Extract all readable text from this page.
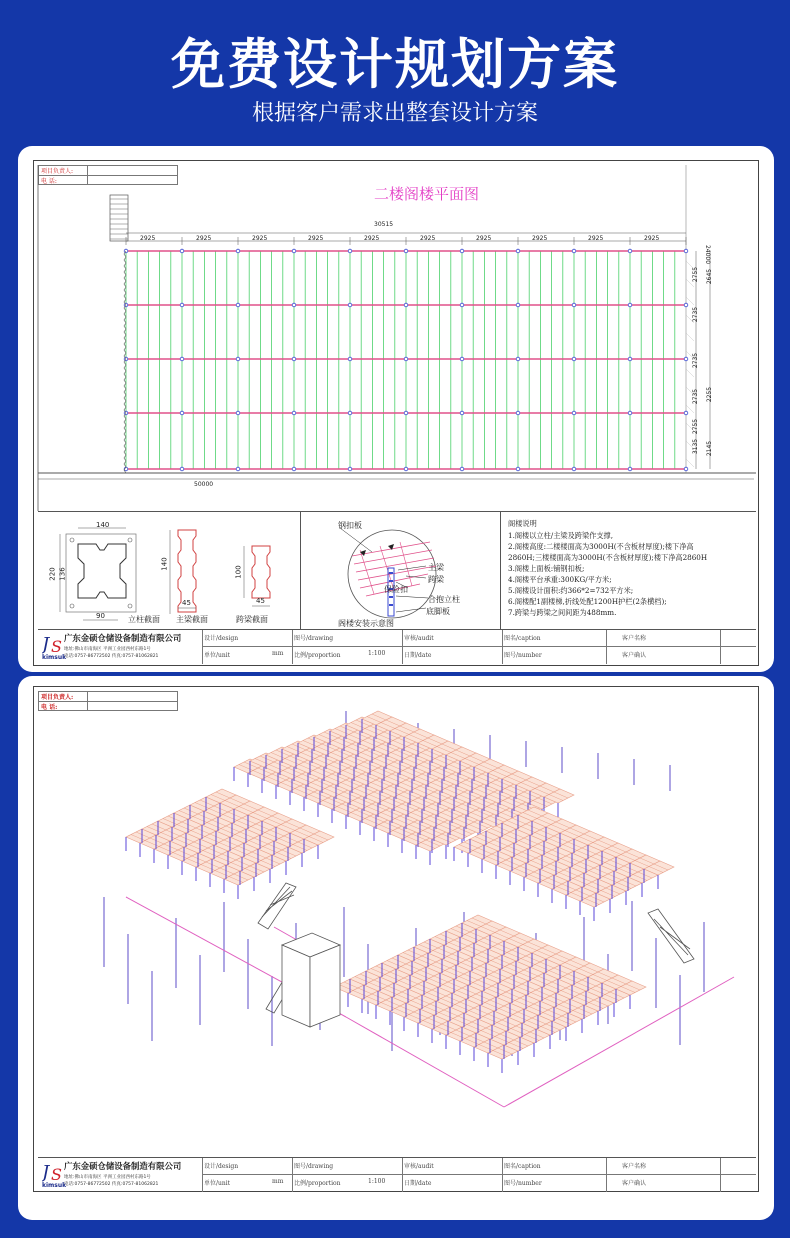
免费设计规划方案
根据客户需求出整套设计方案
项目负责人:
电 话:
二楼阁楼平面图
30515
2925	2925	2925	2925	2925	2925	2925	2925	2925	2925
50000
24000
2755
2735
2735
2735
2755
3135
2645
2255
2145
140
220 136
90	立柱截面
140
45
主梁截面
100
45
跨梁截面
钢扣板
主梁
跨梁
保险扣
合抱立柱
底脚板
阁楼安装示意图
阁楼说明
1.阁楼以立柱/主梁及跨梁作支撑,
2.阁楼高度:二楼楼面高为3000H(不含板材厚度);楼下净高
2860H;三楼楼面高为3000H(不含板材厚度);楼下净高2860H
3.阁楼上面板:铺钢扣板;
4.阁楼平台承重:300KG/平方米;
5.阁楼设计面积:约366*2=732平方米;
6.阁楼配1副楼梯,折线处配1200H护栏(2条横档);
7.跨梁与跨梁之间间距为488mm.
J S
kimsuk
广东金硕仓储设备制造有限公司
地址:佛山市南海区 平洲工业园西村东路1号
电话:0757-86772502 传真:0757-81062821
设计/design	图号/drawing	审核/audit	图名/caption	客户名称
单位/unit	mm 比例/proportion	1:100	日期/date	图号/number	客户确认
项目负责人:
电 话:
J S
kimsuk
广东金硕仓储设备制造有限公司
地址:佛山市南海区 平洲工业园西村东路1号
电话:0757-86772502 传真:0757-81062821
设计/design	图号/drawing	审核/audit	图名/caption	客户名称
单位/unit	mm 比例/proportion	1:100	日期/date	图号/number	客户确认
